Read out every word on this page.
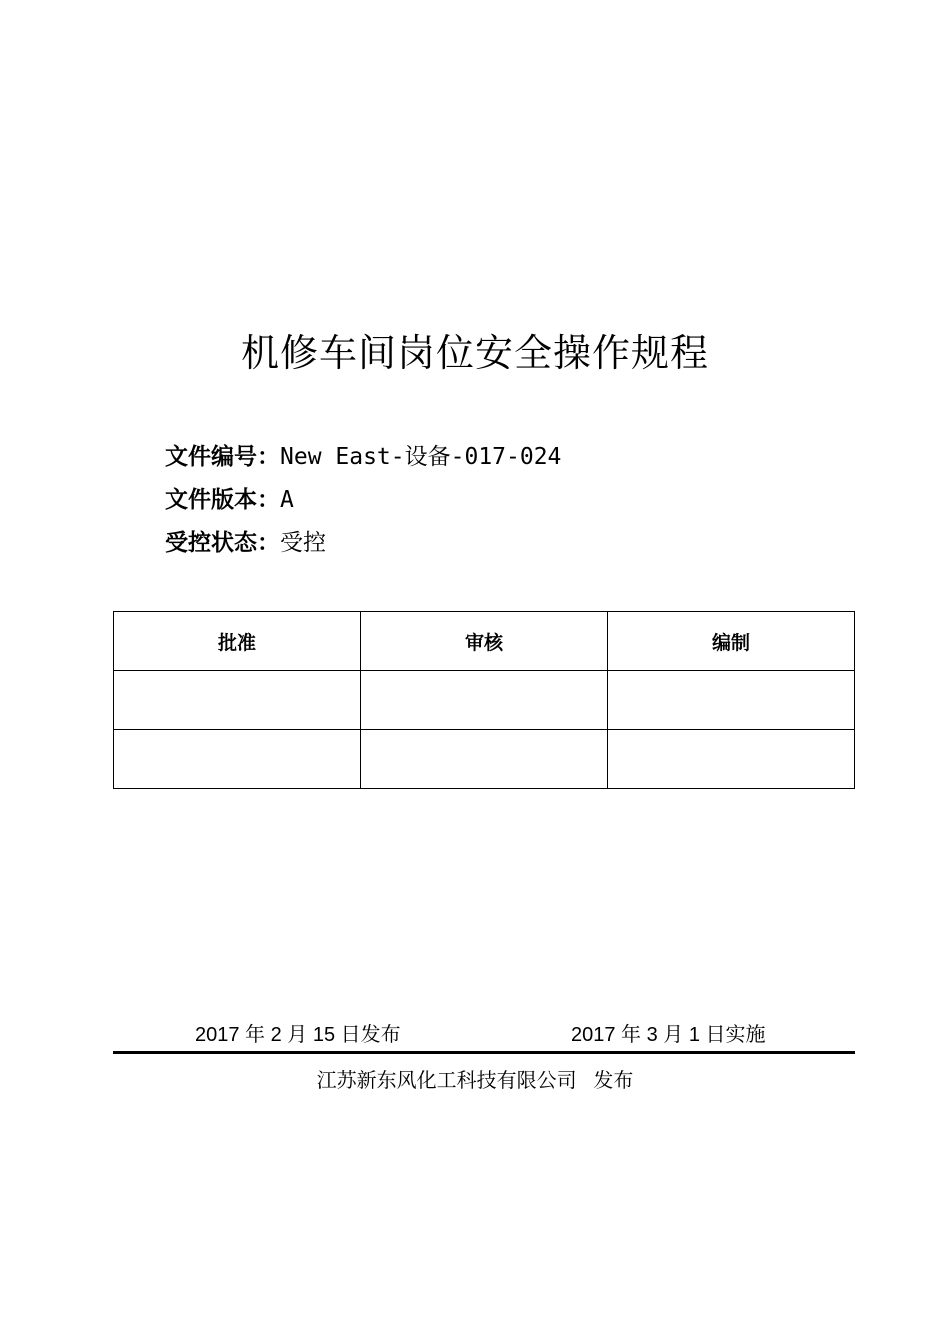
机修车间岗位安全操作规程
文件编号：New East-设备-017-024
文件版本：A
受控状态：受控
批准	审核	编制

2017 年 2 月 15 日发布	2017 年 3 月 1 日实施
江苏新东风化工科技有限公司   发布
